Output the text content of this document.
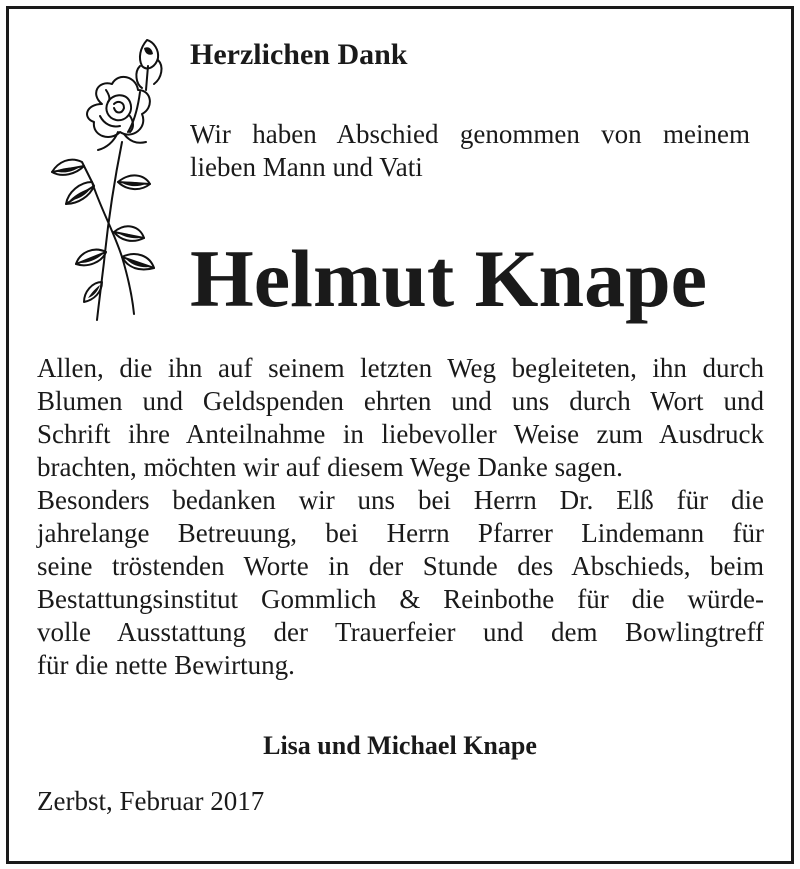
Herzlichen Dank
Wir haben Abschied genommen von meinem
lieben Mann und Vati
Helmut Knape
Allen, die ihn auf seinem letzten Weg begleiteten, ihn durch
Blumen und Geldspenden ehrten und uns durch Wort und
Schrift ihre Anteilnahme in liebevoller Weise zum Ausdruck
brachten, möchten wir auf diesem Wege Danke sagen.
Besonders bedanken wir uns bei Herrn Dr. Elß für die
jahrelange Betreuung, bei Herrn Pfarrer Lindemann für
seine tröstenden Worte in der Stunde des Abschieds, beim
Bestattungsinstitut Gommlich & Reinbothe für die würde-
volle Ausstattung der Trauerfeier und dem Bowlingtreff
für die nette Bewirtung.
Lisa und Michael Knape
Zerbst, Februar 2017
